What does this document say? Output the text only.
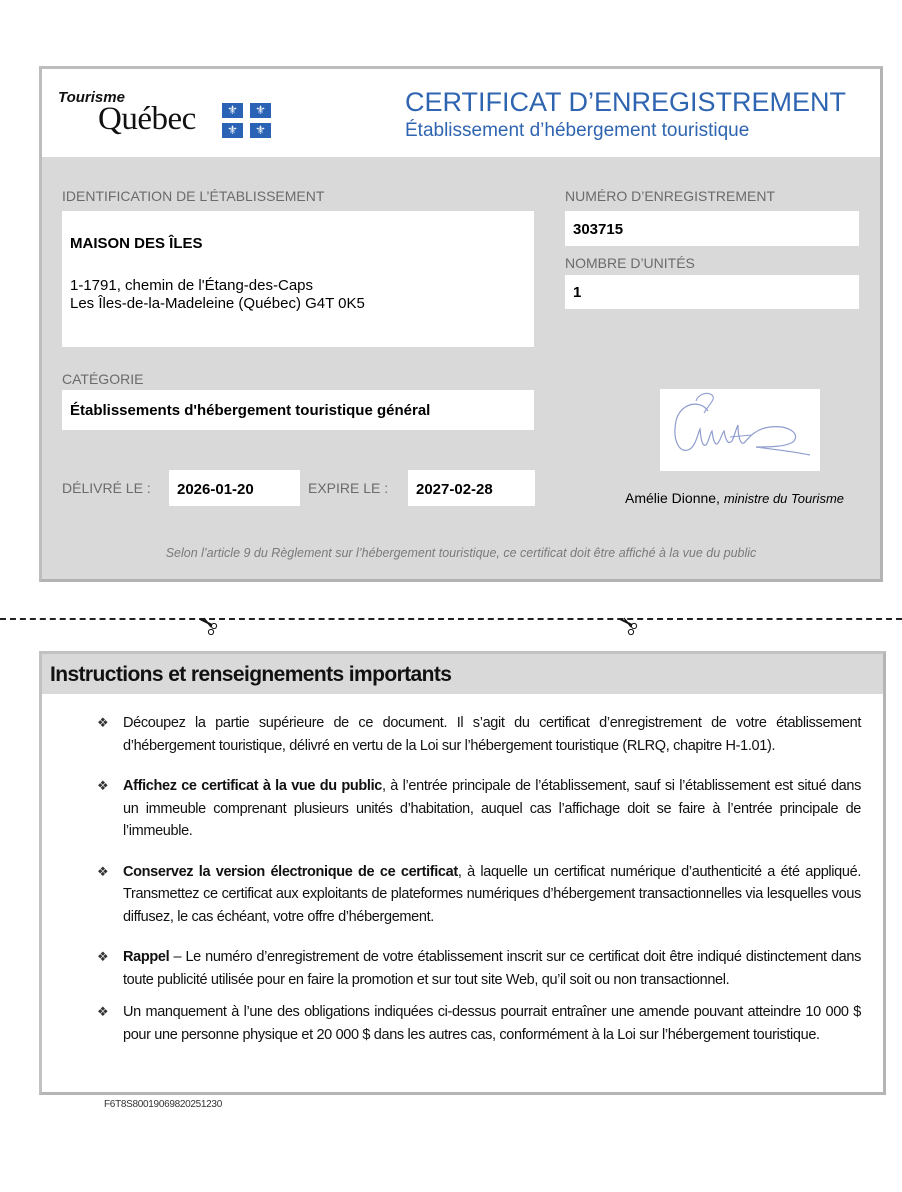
Tourisme
Québec	⚜	⚜
⚜	⚜
CERTIFICAT D’ENREGISTREMENT
Établissement d’hébergement touristique
IDENTIFICATION DE L’ÉTABLISSEMENT
MAISON DES ÎLES
1-1791, chemin de l'Étang-des-Caps
Les Îles-de-la-Madeleine (Québec) G4T 0K5
NUMÉRO D’ENREGISTREMENT
303715
NOMBRE D’UNITÉS
1
CATÉGORIE
Établissements d'hébergement touristique général
DÉLIVRÉ LE : 2026-01-20	EXPIRE LE : 2027-02-28	Amélie Dionne, ministre du Tourisme
Selon l’article 9 du Règlement sur l’hébergement touristique, ce certificat doit être affiché à la vue du public
Instructions et renseignements importants
❖ Découpez la partie supérieure de ce document. Il s’agit du certificat d’enregistrement de votre établissement d’hébergement touristique, délivré en vertu de la Loi sur l’hébergement touristique (RLRQ, chapitre H-1.01).
❖ Affichez ce certificat à la vue du public, à l’entrée principale de l’établissement, sauf si l’établissement est situé dans un immeuble comprenant plusieurs unités d’habitation, auquel cas l’affichage doit se faire à l’entrée principale de l’immeuble.
❖ Conservez la version électronique de ce certificat, à laquelle un certificat numérique d’authenticité a été appliqué. Transmettez ce certificat aux exploitants de plateformes numériques d’hébergement transactionnelles via lesquelles vous diffusez, le cas échéant, votre offre d’hébergement.
❖ Rappel – Le numéro d’enregistrement de votre établissement inscrit sur ce certificat doit être indiqué distinctement dans toute publicité utilisée pour en faire la promotion et sur tout site Web, qu’il soit ou non transactionnel.
❖ Un manquement à l’une des obligations indiquées ci-dessus pourrait entraîner une amende pouvant atteindre 10 000 $ pour une personne physique et 20 000 $ dans les autres cas, conformément à la Loi sur l’hébergement touristique.
F6T8S80019069820251230
